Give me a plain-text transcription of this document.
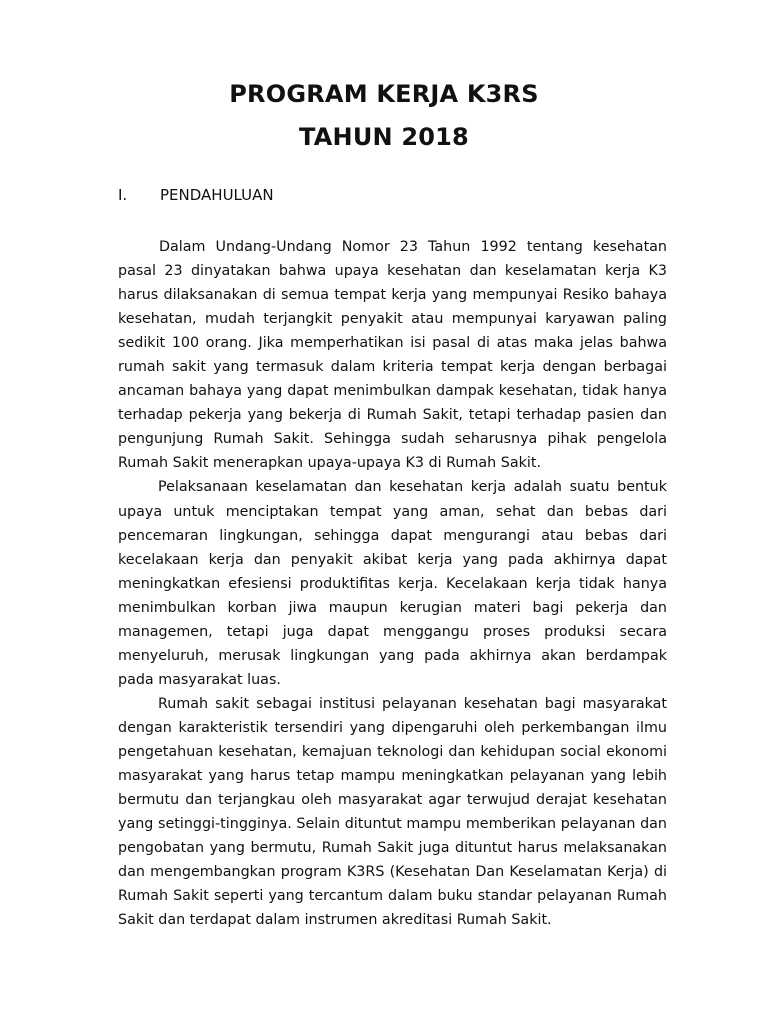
PROGRAM KERJA K3RS
TAHUN 2018
I. PENDAHULUAN

Dalam Undang-Undang Nomor 23 Tahun 1992 tentang kesehatan pasal 23 dinyatakan bahwa upaya kesehatan dan keselamatan kerja K3 harus dilaksanakan di semua tempat kerja yang mempunyai Resiko bahaya kesehatan, mudah terjangkit penyakit atau mempunyai karyawan paling sedikit 100 orang. Jika memperhatikan isi pasal di atas maka jelas bahwa rumah sakit yang termasuk dalam kriteria tempat kerja dengan berbagai ancaman bahaya yang dapat menimbulkan dampak kesehatan, tidak hanya terhadap pekerja yang bekerja di Rumah Sakit, tetapi terhadap pasien dan pengunjung Rumah Sakit. Sehingga sudah seharusnya pihak pengelola Rumah Sakit menerapkan upaya-upaya K3 di Rumah Sakit.

Pelaksanaan keselamatan dan kesehatan kerja adalah suatu bentuk upaya untuk menciptakan tempat yang aman, sehat dan bebas dari pencemaran lingkungan, sehingga dapat mengurangi atau bebas dari kecelakaan kerja dan penyakit akibat kerja yang pada akhirnya dapat meningkatkan efesiensi produktifitas kerja. Kecelakaan kerja tidak hanya menimbulkan korban jiwa maupun kerugian materi bagi pekerja dan managemen, tetapi juga dapat menggangu proses produksi secara menyeluruh, merusak lingkungan yang pada akhirnya akan berdampak pada masyarakat luas.

Rumah sakit sebagai institusi pelayanan kesehatan bagi masyarakat dengan karakteristik tersendiri yang dipengaruhi oleh perkembangan ilmu pengetahuan kesehatan, kemajuan teknologi dan kehidupan social ekonomi masyarakat yang harus tetap mampu meningkatkan pelayanan yang lebih bermutu dan terjangkau oleh masyarakat agar terwujud derajat kesehatan yang setinggi-tingginya. Selain dituntut mampu memberikan pelayanan dan pengobatan yang bermutu, Rumah Sakit juga dituntut harus melaksanakan dan mengembangkan program K3RS (Kesehatan Dan Keselamatan Kerja) di Rumah Sakit seperti yang tercantum dalam buku standar pelayanan Rumah Sakit dan terdapat dalam instrumen akreditasi Rumah Sakit.
